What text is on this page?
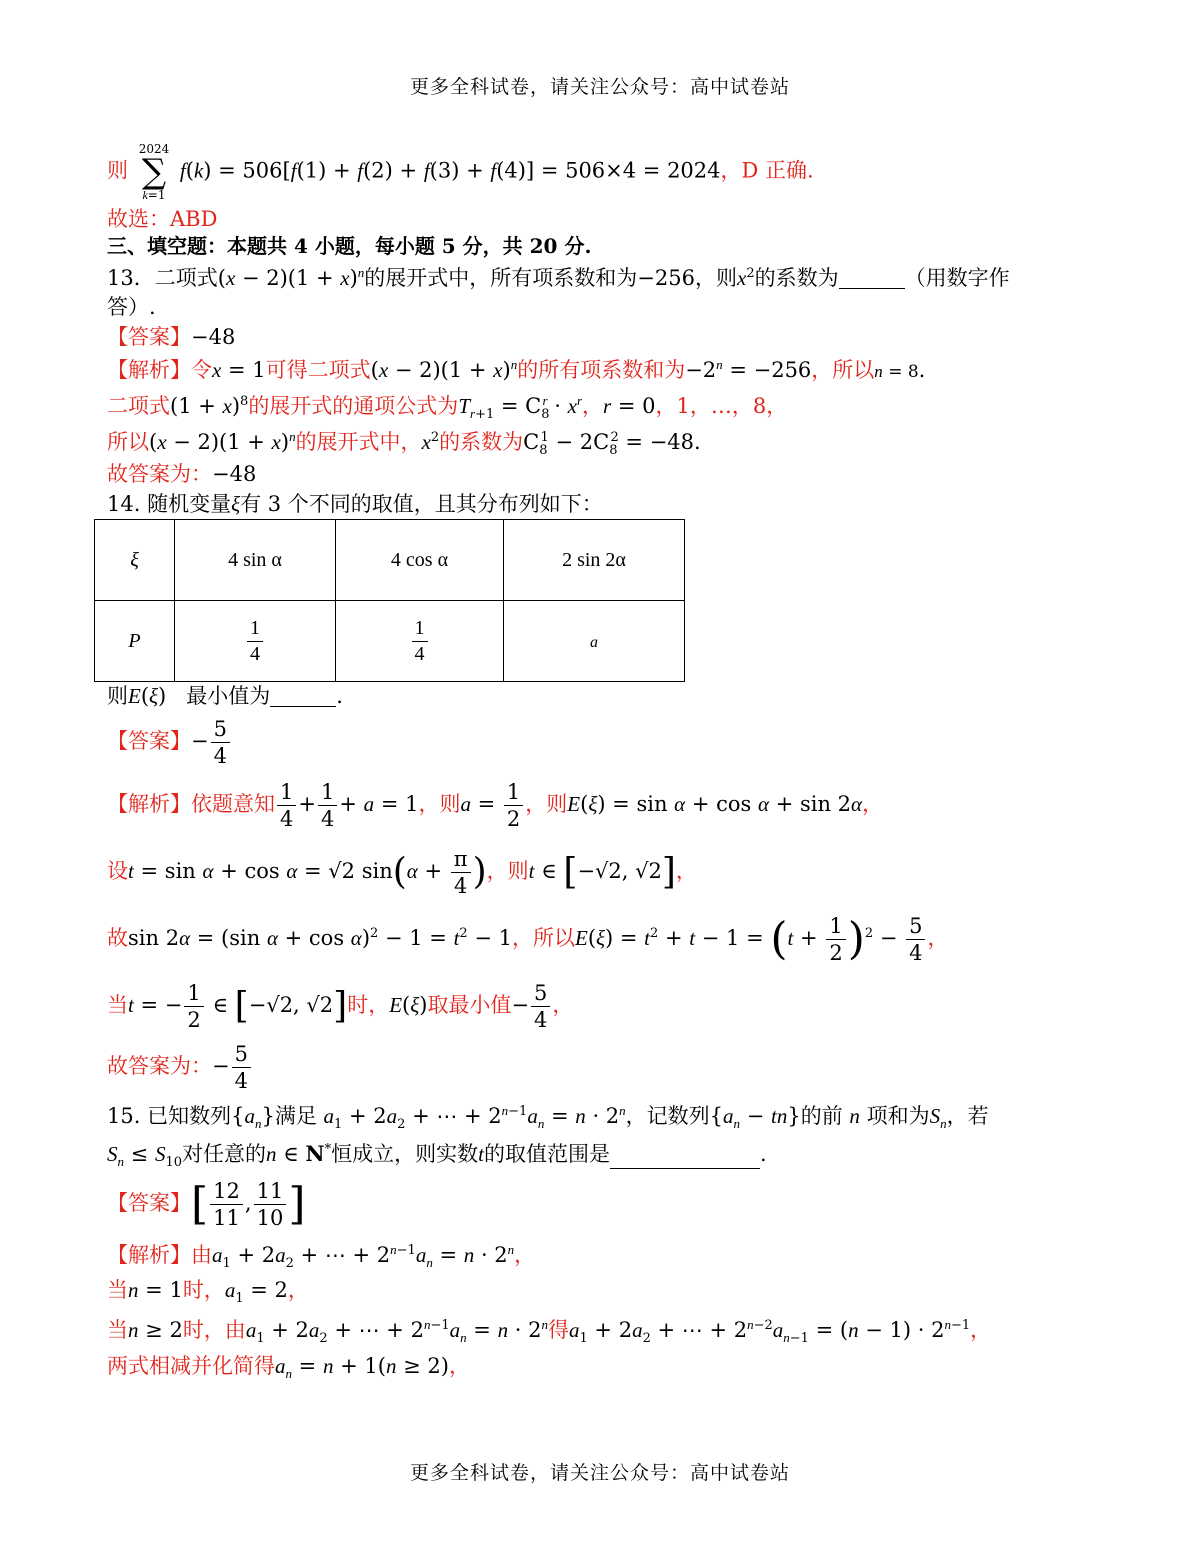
更多全科试卷，请关注公众号：高中试卷站
则
2024
∑
k=1
f(k) = 506[f(1) + f(2) + f(3) + f(4)] = 506×4 = 2024，D 正确.
故选：ABD
三、填空题：本题共 4 小题，每小题 5 分，共 20 分.
13．二项式$(x - 2)(1 + x)^n$的展开式中，所有项系数和为−256，则$x^2$的系数为	（用数字作
答）.
【答案】−48
【解析】令x = 1可得二项式$(x - 2)(1 + x)^n$的所有项系数和为$-2^n = -256$，所以n = 8.
二项式$(1 + x)^8$的展开式的通项公式为$T_{r+1} = C_8^r \cdot x^r$，r = 0，1，…，8，
所以$(x - 2)(1 + x)^n$的展开式中，$x^2$的系数为$C_8^1 - 2C_8^2 = -48$.
故答案为：−48
14. 随机变量ξ有 3 个不同的取值，且其分布列如下：
ξ	4 sin α	4 cos α	2 sin 2α
P	$\frac{1}{4}$	$\frac{1}{4}$	a
则E(ξ)   最小值为	.
【答案】− $\frac{5}{4}$
【解析】依题意知 $\frac{1}{4} + \frac{1}{4} + a = 1$，则$a = \frac{1}{2}$ ，则E(ξ) = sin α + cos α + sin 2α，
设t = sin α + cos α = √2 $\sin(\alpha + \frac{\pi}{4}$ )，则t ∈ [−√2, √2]，
故sin 2α = (sin $\alpha + \cos \alpha)^2 - 1 = t^2 - 1$，所以$E(\xi) = t^2 + t - 1 = (t + \frac{1}{2} )^2 - \frac{5}{4}$ ，
当t = − $\frac{1}{2}$ ∈ [−√2, √2]时，E(ξ)取最小值− $\frac{5}{4}$ ，
故答案为：− $\frac{5}{4}$
15. 已知数列$\{a_n\}$满足 $a_1 + 2a_2$ + ⋯ + $2^{n-1}a_n = n \cdot 2^n$，记数列$\{a_n - tn\}$的前 n 项和为$S_n$，若
$S_n \le S_{10}$对任意的n ∈ N*恒成立，则实数t的取值范围是	.
【答案】[ $\frac{12}{11}$ , $\frac{11}{10}$ ]
【解析】由$a_1 + 2a_2$ + ⋯ + $2^{n-1}a_n = n \cdot 2^n$，
当n = 1时，$a_1 = 2$，
当n ≥ 2时，由$a_1 + 2a_2$ + ⋯ + $2^{n-1}a_n = n \cdot 2^n$得$a_1 + 2a_2$ + ⋯ + $2^{n-2}a_{n-1} = (n - 1) \cdot 2^{n-1}$，
两式相减并化简得$a_n = n + 1(n \ge 2)$，
更多全科试卷，请关注公众号：高中试卷站
